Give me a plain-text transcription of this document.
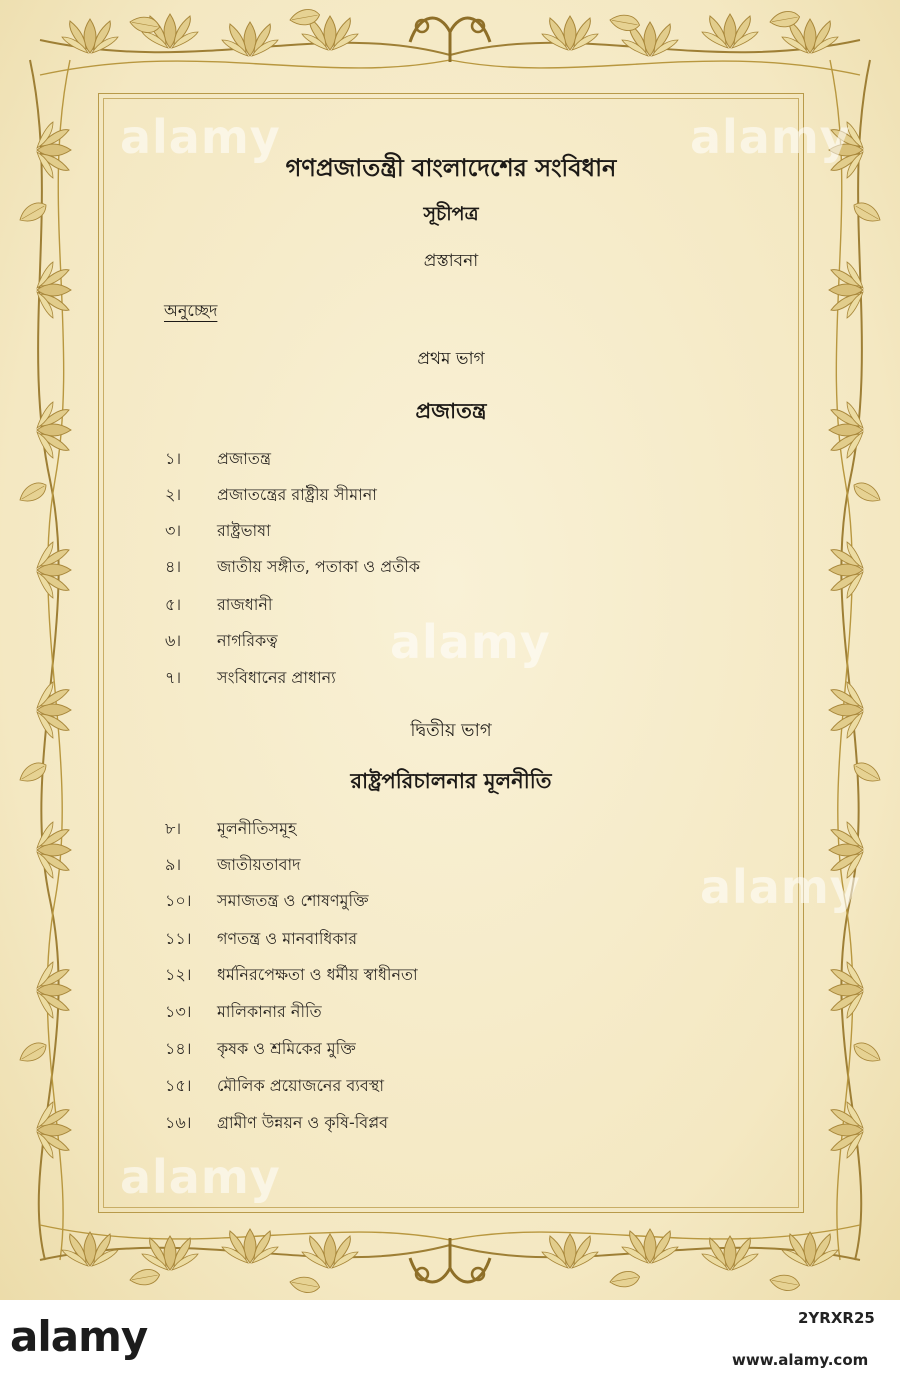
alamy	alamy
alamy
alamy
alamy
গণপ্রজাতন্ত্রী বাংলাদেশের সংবিধান
সূচীপত্র
প্রস্তাবনা
অনুচ্ছেদ
প্রথম ভাগ
প্রজাতন্ত্র
১।	প্রজাতন্ত্র
২।	প্রজাতন্ত্রের রাষ্ট্রীয় সীমানা
৩।	রাষ্ট্রভাষা
৪।	জাতীয় সঙ্গীত, পতাকা ও প্রতীক
৫।	রাজধানী
৬।	নাগরিকত্ব
৭।	সংবিধানের প্রাধান্য
দ্বিতীয় ভাগ
রাষ্ট্রপরিচালনার মূলনীতি
৮।	মূলনীতিসমূহ
৯।	জাতীয়তাবাদ
১০।	সমাজতন্ত্র ও শোষণমুক্তি
১১।	গণতন্ত্র ও মানবাধিকার
১২।	ধর্মনিরপেক্ষতা ও ধর্মীয় স্বাধীনতা
১৩।	মালিকানার নীতি
১৪।	কৃষক ও শ্রমিকের মুক্তি
১৫।	মৌলিক প্রয়োজনের ব্যবস্থা
১৬।	গ্রামীণ উন্নয়ন ও কৃষি-বিপ্লব
alamy	2YRXR25
www.alamy.com
